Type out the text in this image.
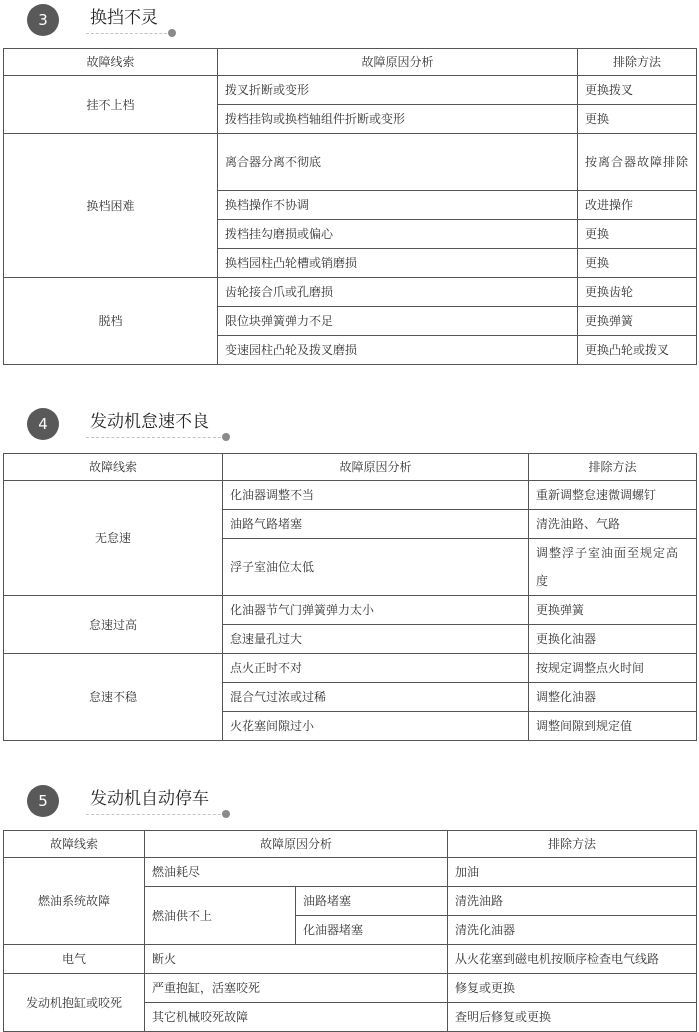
3	换挡不灵
故障线索	故障原因分析	排除方法
挂不上档	拨叉折断或变形	更换拨叉
	拨档挂钩或换档轴组件折断或变形	更换
换档困难	离合器分离不彻底	按离合器故障排除
	换档操作不协调	改进操作
	拨档挂勾磨损或偏心	更换
	换档园柱凸轮槽或销磨损	更换
脱档	齿轮接合爪或孔磨损	更换齿轮
	限位块弹簧弹力不足	更换弹簧
	变速园柱凸轮及拨叉磨损	更换凸轮或拨叉
4	发动机怠速不良
故障线索	故障原因分析	排除方法
无怠速	化油器调整不当	重新调整怠速微调螺钉
	油路气路堵塞	清洗油路、气路
	浮子室油位太低	调整浮子室油面至规定高度
怠速过高	化油器节气门弹簧弹力太小	更换弹簧
	怠速量孔过大	更换化油器
怠速不稳	点火正时不对	按规定调整点火时间
	混合气过浓或过稀	调整化油器
	火花塞间隙过小	调整间隙到规定值
5	发动机自动停车
故障线索	故障原因分析		排除方法
燃油系统故障	燃油耗尽		加油
	燃油供不上	油路堵塞	清洗油路
		化油器堵塞	清洗化油器
电气	断火		从火花塞到磁电机按顺序检查电气线路
发动机抱缸或咬死	严重抱缸，活塞咬死		修复或更换
	其它机械咬死故障		查明后修复或更换
